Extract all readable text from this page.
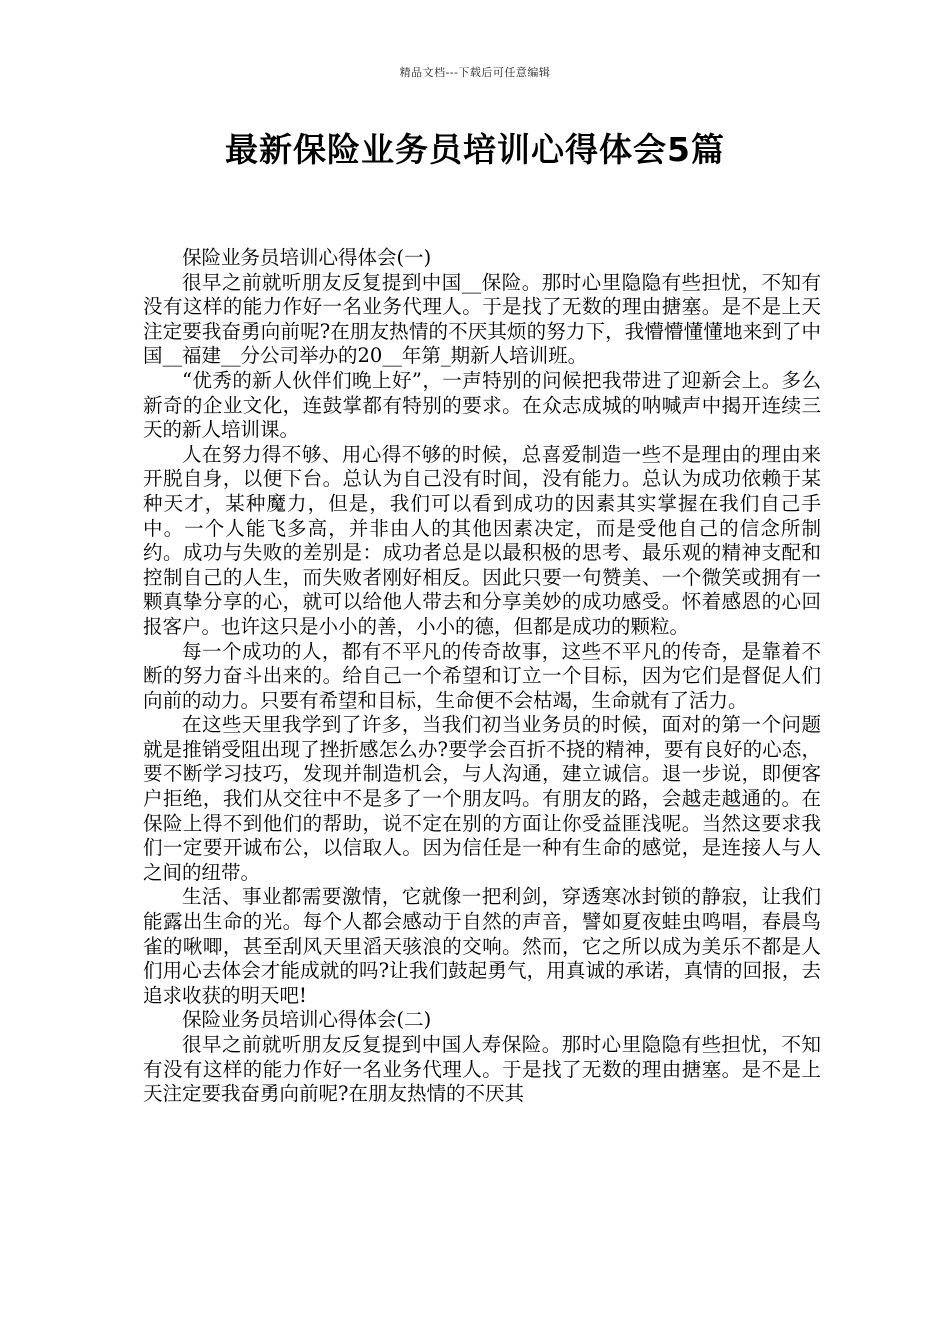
精品文档---下载后可任意编辑
最新保险业务员培训心得体会5篇

保险业务员培训心得体会(一)

很早之前就听朋友反复提到中国__保险。那时心里隐隐有些担忧，不知有没有这样的能力作好一名业务代理人。于是找了无数的理由搪塞。是不是上天注定要我奋勇向前呢?在朋友热情的不厌其烦的努力下，我懵懵懂懂地来到了中国__福建__分公司举办的20__年第_期新人培训班。

“优秀的新人伙伴们晚上好”，一声特别的问候把我带进了迎新会上。多么新奇的企业文化，连鼓掌都有特别的要求。在众志成城的呐喊声中揭开连续三天的新人培训课。

人在努力得不够、用心得不够的时候，总喜爱制造一些不是理由的理由来开脱自身，以便下台。总认为自己没有时间，没有能力。总认为成功依赖于某种天才，某种魔力，但是，我们可以看到成功的因素其实掌握在我们自己手中。一个人能飞多高，并非由人的其他因素决定，而是受他自己的信念所制约。成功与失败的差别是：成功者总是以最积极的思考、最乐观的精神支配和控制自己的人生，而失败者刚好相反。因此只要一句赞美、一个微笑或拥有一颗真挚分享的心，就可以给他人带去和分享美妙的成功感受。怀着感恩的心回报客户。也许这只是小小的善，小小的德，但都是成功的颗粒。

每一个成功的人，都有不平凡的传奇故事，这些不平凡的传奇，是靠着不断的努力奋斗出来的。给自己一个希望和订立一个目标，因为它们是督促人们向前的动力。只要有希望和目标，生命便不会枯竭，生命就有了活力。

在这些天里我学到了许多，当我们初当业务员的时候，面对的第一个问题就是推销受阻出现了挫折感怎么办?要学会百折不挠的精神，要有良好的心态，要不断学习技巧，发现并制造机会，与人沟通，建立诚信。退一步说，即便客户拒绝，我们从交往中不是多了一个朋友吗。有朋友的路，会越走越通的。在保险上得不到他们的帮助，说不定在别的方面让你受益匪浅呢。当然这要求我们一定要开诚布公，以信取人。因为信任是一种有生命的感觉，是连接人与人之间的纽带。

生活、事业都需要激情，它就像一把利剑，穿透寒冰封锁的静寂，让我们能露出生命的光。每个人都会感动于自然的声音，譬如夏夜蛙虫鸣唱，春晨鸟雀的啾唧，甚至刮风天里滔天骇浪的交响。然而，它之所以成为美乐不都是人们用心去体会才能成就的吗?让我们鼓起勇气，用真诚的承诺，真情的回报，去追求收获的明天吧!

保险业务员培训心得体会(二)

很早之前就听朋友反复提到中国人寿保险。那时心里隐隐有些担忧，不知有没有这样的能力作好一名业务代理人。于是找了无数的理由搪塞。是不是上天注定要我奋勇向前呢?在朋友热情的不厌其
